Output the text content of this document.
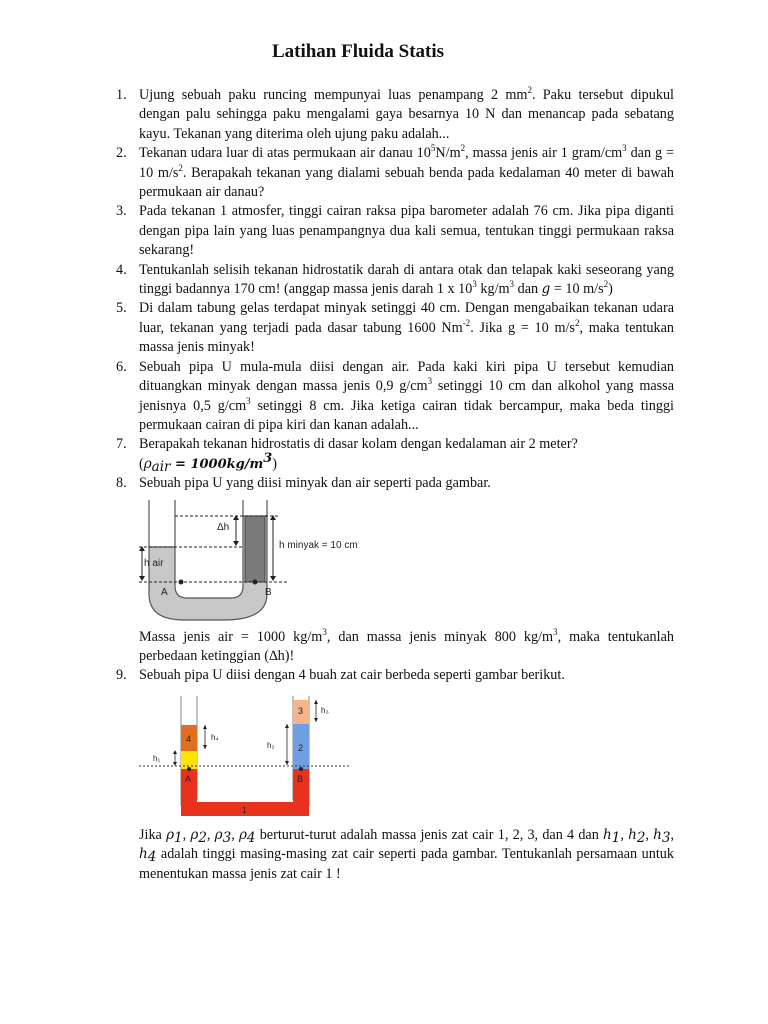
Latihan Fluida Statis
1. Ujung sebuah paku runcing mempunyai luas penampang 2 $mm^2$. Paku tersebut dipukul dengan palu sehingga paku mengalami gaya besarnya 10 N dan menancap pada sebatang kayu. Tekanan yang diterima oleh ujung paku adalah...
2. Tekanan udara luar di atas permukaan air danau $10^5N/m^2$, massa jenis air 1 gram/$cm^3$ dan g = 10 $m/s^2$. Berapakah tekanan yang dialami sebuah benda pada kedalaman 40 meter di bawah permukaan air danau?
3. Pada tekanan 1 atmosfer, tinggi cairan raksa pipa barometer adalah 76 cm. Jika pipa diganti dengan pipa lain yang luas penampangnya dua kali semua, tentukan tinggi permukaan raksa sekarang!
4. Tentukanlah selisih tekanan hidrostatik darah di antara otak dan telapak kaki seseorang yang tinggi badannya 170 cm! (anggap massa jenis darah 1 x $10^3$ $kg/m^3$ dan g = 10 $m/s^2$)
5. Di dalam tabung gelas terdapat minyak setinggi 40 cm. Dengan mengabaikan tekanan udara luar, tekanan yang terjadi pada dasar tabung 1600 $Nm^{-2}$. Jika g = 10 $m/s^2$, maka tentukan massa jenis minyak!
6. Sebuah pipa U mula-mula diisi dengan air. Pada kaki kiri pipa U tersebut kemudian dituangkan minyak dengan massa jenis 0,9 $g/cm^3$ setinggi 10 cm dan alkohol yang massa jenisnya 0,5 $g/cm^3$ setinggi 8 cm. Jika ketiga cairan tidak bercampur, maka beda tinggi permukaan cairan di pipa kiri dan kanan adalah...
7. Berapakah tekanan hidrostatis di dasar kolam dengan kedalaman air 2 meter?
$(\rho_{air} = 1000kg/m^3)$
8. Sebuah pipa U yang diisi minyak dan air seperti pada gambar.
Δh
h minyak = 10 cm
h air
A	B
Massa jenis air = 1000 $kg/m^3$, dan massa jenis minyak 800 $kg/m^3$, maka tentukanlah perbedaan ketinggian (∆h)!
9. Sebuah pipa U diisi dengan 4 buah zat cair berbeda seperti gambar berikut.
3 h₃
4 h₄
h₂	2
h₁
A	B
1
Jika $\rho_1$, $\rho_2$, $\rho_3$, $\rho_4$ berturut-turut adalah massa jenis zat cair 1, 2, 3, dan 4 dan $h_1$, $h_2$, $h_3$, $h_4$ adalah tinggi masing-masing zat cair seperti pada gambar. Tentukanlah persamaan untuk menentukan massa jenis zat cair 1 !
